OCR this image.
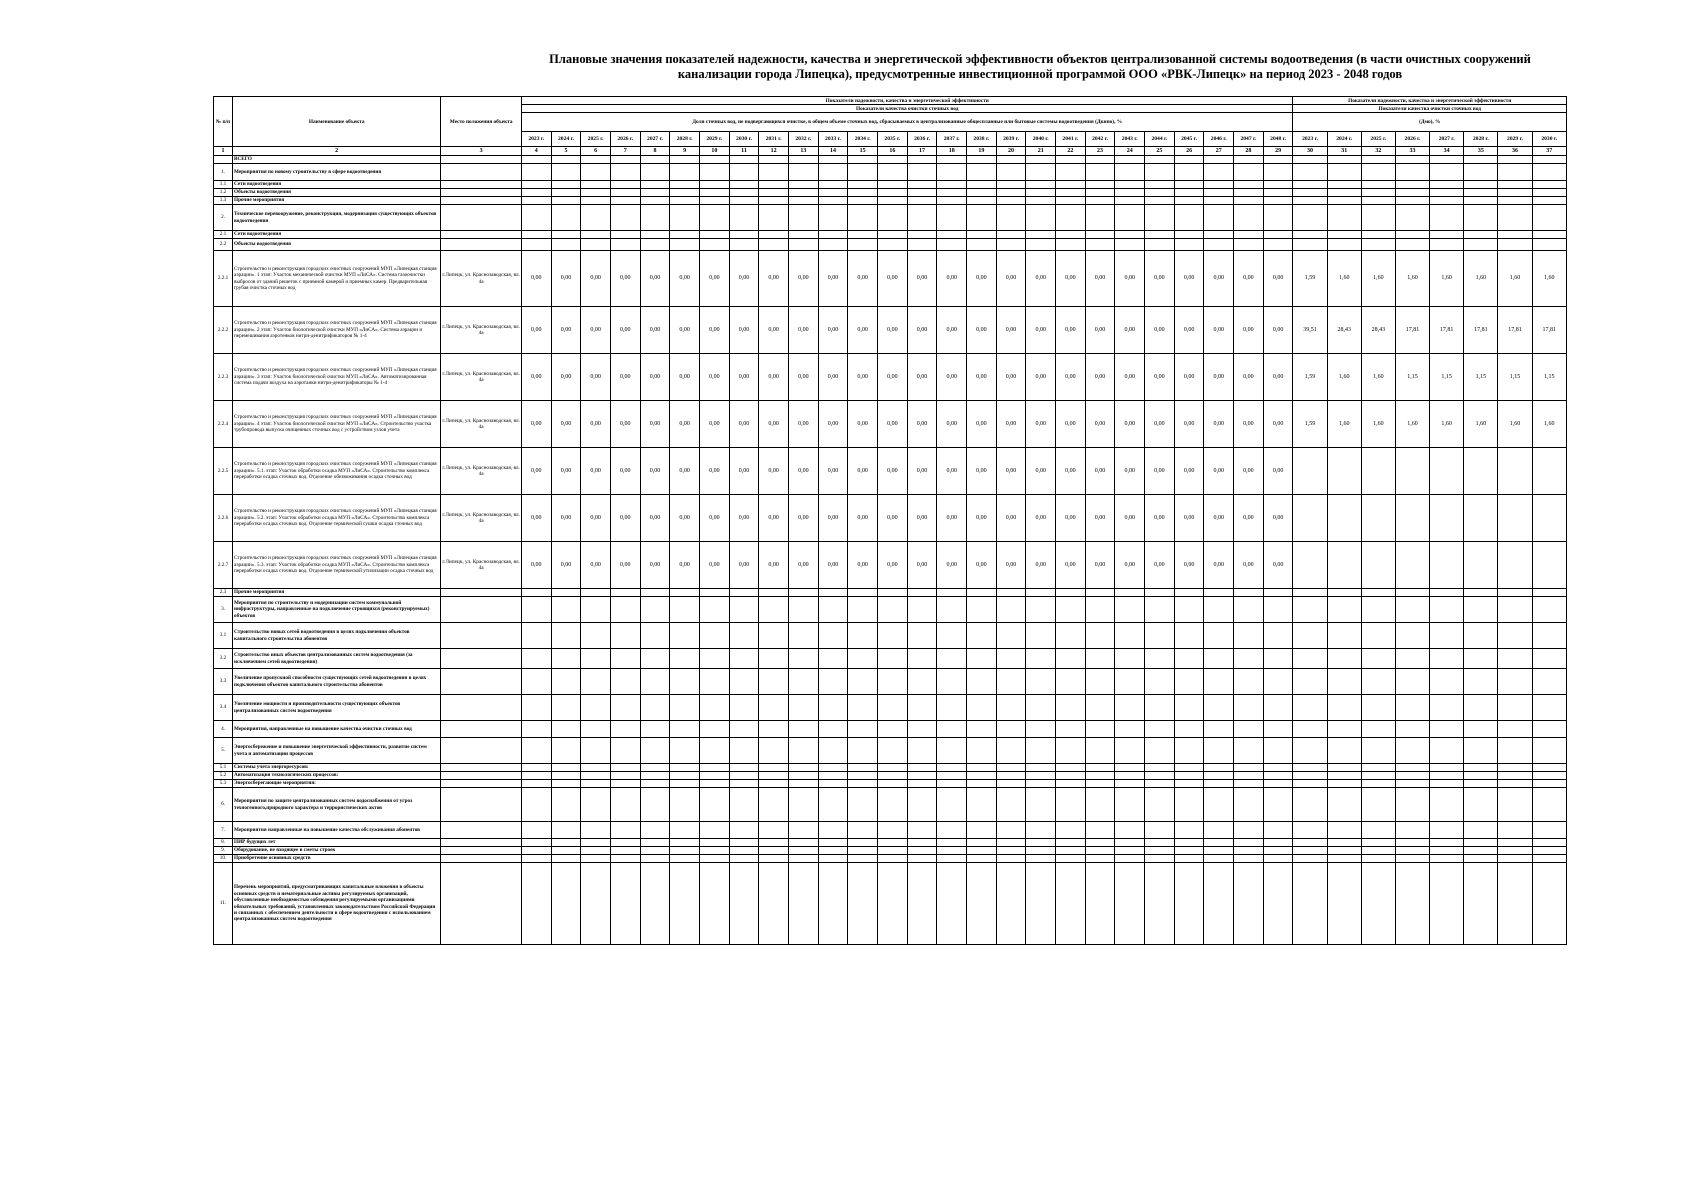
Плановые значения показателей надежности, качества и энергетической эффективности объектов централизованной системы водоотведения (в части очистных сооружений канализации города Липецка), предусмотренные инвестиционной программой ООО «РВК-Липецк» на период 2023 - 2048 годов
№ п/п	Наименование объекта	Место положения объекта	Показатели надежности, качества и энергетической эффективности																										Показатели надежности, качества и энергетической эффективности							
			Показатели качества очистки сточных вод																										Показатели качества очистки сточных вод							
			Доля сточных вод, не подвергающихся очистке, в общем объеме сточных вод, сбрасываемых в централизованные общесплавные или бытовые системы водоотведения (Дкнпо), %																										(Дмо), %							
			2023 г.	2024 г.	2025 г.	2026 г.	2027 г.	2028 г.	2029 г.	2030 г.	2031 г.	2032 г.	2033 г.	2034 г.	2035 г.	2036 г.	2037 г.	2038 г.	2039 г.	2040 г.	2041 г.	2042 г.	2043 г.	2044 г.	2045 г.	2046 г.	2047 г.	2048 г.	2023 г.	2024 г.	2025 г.	2026 г.	2027 г.	2028 г.	2029 г.	2030 г.
1	2	3	4	5	6	7	8	9	10	11	12	13	14	15	16	17	18	19	20	21	22	23	24	25	26	27	28	29	30	31	32	33	34	35	36	37
	ВСЕГО																																			
1.	Мероприятия по новому строительству в сфере водоотведения																																			
1.1	Сети водоотведения																																			
1.2	Объекты водоотведения																																			
1.3	Прочие мероприятия																																			
2.	Техническое перевооружение, реконструкция, модернизация существующих объектов водоотведения																																			
2.1	Сети водоотведения																																			
2.2	Объекты водоотведения																																			
2.2.1	Строительство и реконструкция городских очистных сооружений МУП «Липецкая станция аэрации». 1 этап: Участок механической очистки МУП «ЛиСА». Система газоочистки выбросов от зданий решеток с приемной камерой и приемных камер. Предварительная грубая очистка сточных вод	г.Липецк, ул. Краснозаводская, вл. 4а	0,00	0,00	0,00	0,00	0,00	0,00	0,00	0,00	0,00	0,00	0,00	0,00	0,00	0,00	0,00	0,00	0,00	0,00	0,00	0,00	0,00	0,00	0,00	0,00	0,00	0,00	1,59	1,60	1,60	1,60	1,60	1,60	1,60	1,60
2.2.2	Строительство и реконструкция городских очистных сооружений МУП «Липецкая станция аэрации». 2 этап: Участок биологической очистки МУП «ЛиСА». Система аэрации и перемешивания аэротенков нитри-денитрификаторов № 1-4	г.Липецк, ул. Краснозаводская, вл. 4а	0,00	0,00	0,00	0,00	0,00	0,00	0,00	0,00	0,00	0,00	0,00	0,00	0,00	0,00	0,00	0,00	0,00	0,00	0,00	0,00	0,00	0,00	0,00	0,00	0,00	0,00	39,51	28,43	28,43	17,81	17,81	17,81	17,81	17,81
2.2.3	Строительство и реконструкция городских очистных сооружений МУП «Липецкая станция аэрации». 3 этап: Участок биологической очистки МУП «ЛиСА». Автоматизированная система подачи воздуха на аэротанки нитри-денитрификаторы № 1-4	г.Липецк, ул. Краснозаводская, вл. 4а	0,00	0,00	0,00	0,00	0,00	0,00	0,00	0,00	0,00	0,00	0,00	0,00	0,00	0,00	0,00	0,00	0,00	0,00	0,00	0,00	0,00	0,00	0,00	0,00	0,00	0,00	1,59	1,60	1,60	1,15	1,15	1,15	1,15	1,15
2.2.4	Строительство и реконструкция городских очистных сооружений МУП «Липецкая станция аэрации». 4 этап: Участок биологической очистки МУП «ЛиСА». Строительство участка трубопровода выпуска очищенных сточных вод с устройством узлов учета	г.Липецк, ул. Краснозаводская, вл. 4а	0,00	0,00	0,00	0,00	0,00	0,00	0,00	0,00	0,00	0,00	0,00	0,00	0,00	0,00	0,00	0,00	0,00	0,00	0,00	0,00	0,00	0,00	0,00	0,00	0,00	0,00	1,59	1,60	1,60	1,60	1,60	1,60	1,60	1,60
2.2.5	Строительство и реконструкция городских очистных сооружений МУП «Липецкая станция аэрации». 5.1. этап: Участок обработки осадка МУП «ЛиСА». Строительство комплекса переработки осадка сточных вод. Отделение обезвоживания осадка сточных вод	г.Липецк, ул. Краснозаводская, вл. 4а	0,00	0,00	0,00	0,00	0,00	0,00	0,00	0,00	0,00	0,00	0,00	0,00	0,00	0,00	0,00	0,00	0,00	0,00	0,00	0,00	0,00	0,00	0,00	0,00	0,00	0,00								
2.2.6	Строительство и реконструкция городских очистных сооружений МУП «Липецкая станция аэрации». 5.2. этап: Участок обработки осадка МУП «ЛиСА». Строительство комплекса переработки осадка сточных вод. Отделение термической сушки осадка сточных вод	г.Липецк, ул. Краснозаводская, вл. 4а	0,00	0,00	0,00	0,00	0,00	0,00	0,00	0,00	0,00	0,00	0,00	0,00	0,00	0,00	0,00	0,00	0,00	0,00	0,00	0,00	0,00	0,00	0,00	0,00	0,00	0,00								
2.2.7	Строительство и реконструкция городских очистных сооружений МУП «Липецкая станция аэрации». 5.3. этап: Участок обработки осадка МУП «ЛиСА». Строительство комплекса переработки осадка сточных вод. Отделение термической утилизации осадка сточных вод	г.Липецк, ул. Краснозаводская, вл. 4а	0,00	0,00	0,00	0,00	0,00	0,00	0,00	0,00	0,00	0,00	0,00	0,00	0,00	0,00	0,00	0,00	0,00	0,00	0,00	0,00	0,00	0,00	0,00	0,00	0,00	0,00								
2.3	Прочие мероприятия																																			
3.	Мероприятия по строительству и модернизации систем коммунальной инфраструктуры, направленные на подключение строящихся (реконструируемых) объектов																																			
3.1	Строительство новых сетей водоотведения в целях подключения объектов капитального строительства абонентов																																			
3.2	Строительство иных объектов централизованных систем водоотведения (за исключением сетей водоотведения)																																			
3.3	Увеличение пропускной способности существующих сетей водоотведения в целях подключения объектов капитального строительства абонентов																																			
3.4	Увеличение мощности и производительности существующих объектов централизованных систем водоотведения																																			
4.	Мероприятия, направленные на повышение качества очистки сточных вод																																			
5.	Энергосбережение и повышение энергетической эффективности, развитие систем учета и автоматизации процессов																																			
5.1	Системы учета энергоресурсов:																																			
5.2	Автоматизация технологических процессов:																																			
5.3	Энергосберегающие мероприятия:																																			
6.	Мероприятия по защите централизованных систем водоснабжения от угроз техногенного,природного характера и террористических актов																																			
7.	Мероприятия направленные на повышение качества обслуживания абонентов																																			
8.	ПИР будущих лет																																			
9.	Оборудование, не входящее в сметы строек																																			
10.	Приобретение основных средств																																			
11.	Перечень мероприятий, предусматривающих капитальные вложения в объекты основных средств и нематериальные активы регулируемых организаций, обусловленные необходимостью соблюдения регулируемыми организациями обязательных требований, установленных законодательством Российской Федерации и связанных с обеспечением деятельности в сфере водоотведения с использованием централизованных систем водоотведения																																			
